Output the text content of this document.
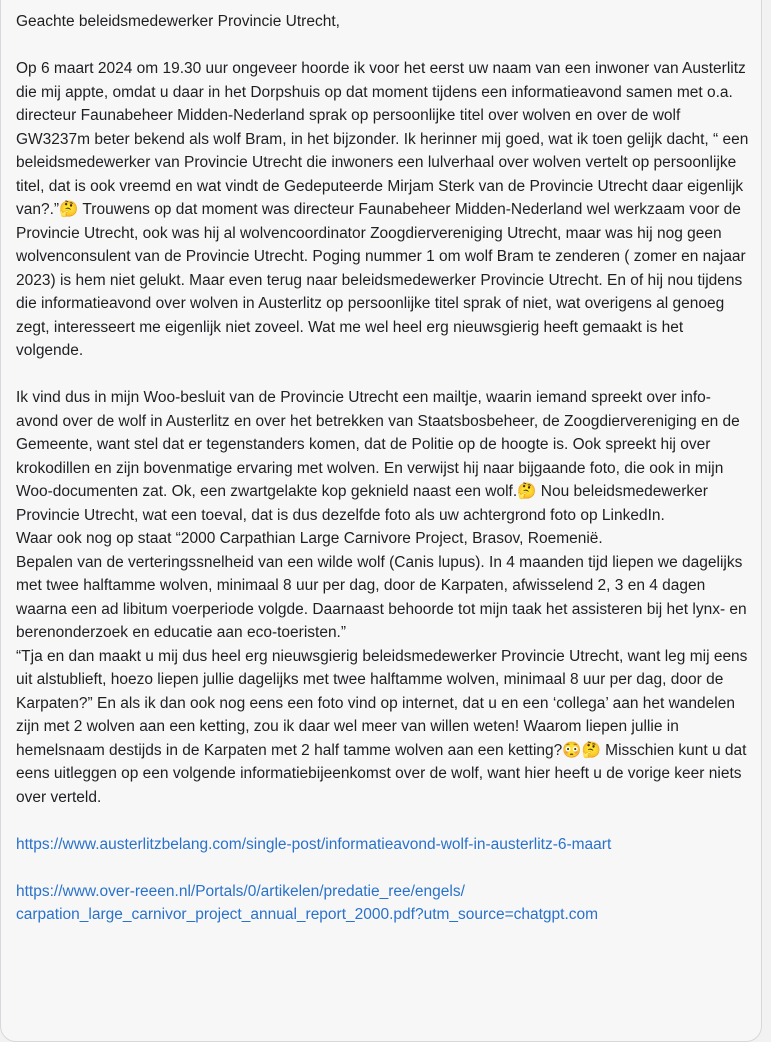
Geachte beleidsmedewerker Provincie Utrecht,

Op 6 maart 2024 om 19.30 uur ongeveer hoorde ik voor het eerst uw naam van een inwoner van Austerlitz die mij appte, omdat u daar in het Dorpshuis op dat moment tijdens een informatieavond samen met o.a. directeur Faunabeheer Midden-Nederland sprak op persoonlijke titel over wolven en over de wolf GW3237m beter bekend als wolf Bram, in het bijzonder. Ik herinner mij goed, wat ik toen gelijk dacht, “ een beleidsmedewerker van Provincie Utrecht die inwoners een lulverhaal over wolven vertelt op persoonlijke titel, dat is ook vreemd en wat vindt de Gedeputeerde Mirjam Sterk van de Provincie Utrecht daar eigenlijk van?.”🤔 Trouwens op dat moment was directeur Faunabeheer Midden-Nederland wel werkzaam voor de Provincie Utrecht, ook was hij al wolvencoordinator Zoogdiervereniging Utrecht, maar was hij nog geen wolvenconsulent van de Provincie Utrecht. Poging nummer 1 om wolf Bram te zenderen ( zomer en najaar 2023) is hem niet gelukt. Maar even terug naar beleidsmedewerker Provincie Utrecht. En of hij nou tijdens die informatieavond over wolven in Austerlitz op persoonlijke titel sprak of niet, wat overigens al genoeg zegt, interesseert me eigenlijk niet zoveel. Wat me wel heel erg nieuwsgierig heeft gemaakt is het volgende.

Ik vind dus in mijn Woo-besluit van de Provincie Utrecht een mailtje, waarin iemand spreekt over info-avond over de wolf in Austerlitz en over het betrekken van Staatsbosbeheer, de Zoogdiervereniging en de Gemeente, want stel dat er tegenstanders komen, dat de Politie op de hoogte is. Ook spreekt hij over krokodillen en zijn bovenmatige ervaring met wolven. En verwijst hij naar bijgaande foto, die ook in mijn Woo-documenten zat. Ok, een zwartgelakte kop geknield naast een wolf.🤔 Nou beleidsmedewerker Provincie Utrecht, wat een toeval, dat is dus dezelfde foto als uw achtergrond foto op LinkedIn.

Waar ook nog op staat “2000 Carpathian Large Carnivore Project, Brasov, Roemenië.

Bepalen van de verteringssnelheid van een wilde wolf (Canis lupus). In 4 maanden tijd liepen we dagelijks met twee halftamme wolven, minimaal 8 uur per dag, door de Karpaten, afwisselend 2, 3 en 4 dagen waarna een ad libitum voerperiode volgde. Daarnaast behoorde tot mijn taak het assisteren bij het lynx- en berenonderzoek en educatie aan eco-toeristen.”

“Tja en dan maakt u mij dus heel erg nieuwsgierig beleidsmedewerker Provincie Utrecht, want leg mij eens uit alstublieft, hoezo liepen jullie dagelijks met twee halftamme wolven, minimaal 8 uur per dag, door de Karpaten?” En als ik dan ook nog eens een foto vind op internet, dat u en een ‘collega’ aan het wandelen zijn met 2 wolven aan een ketting, zou ik daar wel meer van willen weten! Waarom liepen jullie in hemelsnaam destijds in de Karpaten met 2 half tamme wolven aan een ketting?😳🤔 Misschien kunt u dat eens uitleggen op een volgende informatiebijeenkomst over de wolf, want hier heeft u de vorige keer niets over verteld.

https://www.austerlitzbelang.com/single-post/informatieavond-wolf-in-austerlitz-6-maart
https://www.over-reeen.nl/Portals/0/artikelen/predatie_ree/engels/
carpation_large_carnivor_project_annual_report_2000.pdf?utm_source=chatgpt.com
